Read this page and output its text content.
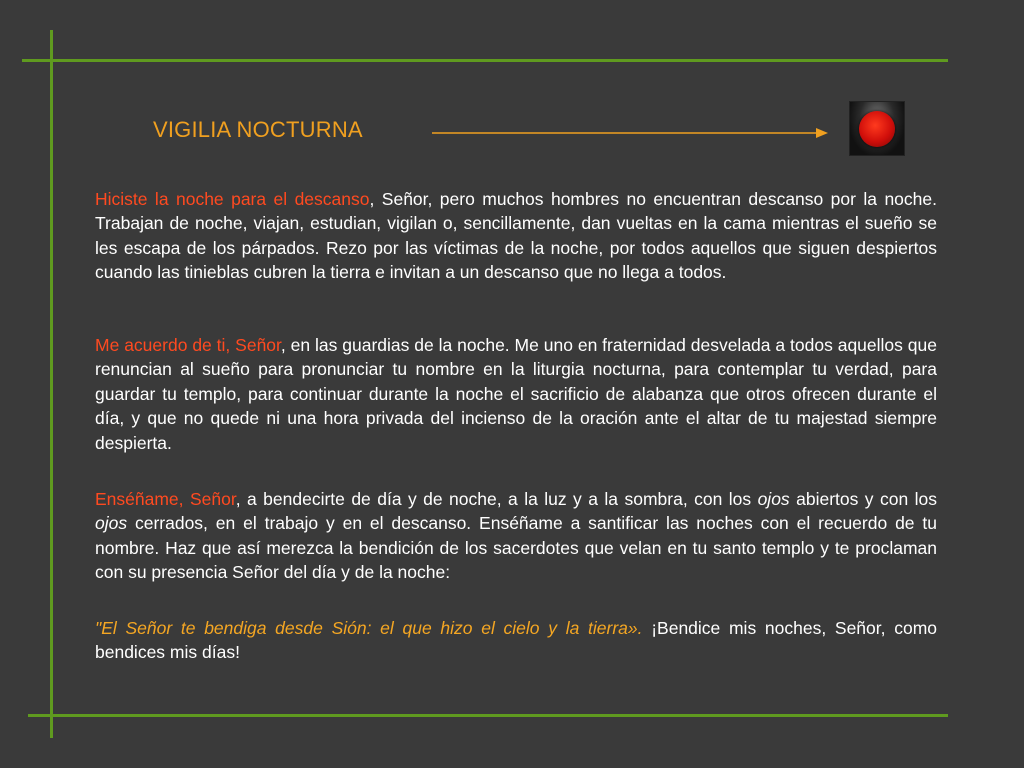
VIGILIA NOCTURNA

Hiciste la noche para el descanso, Señor, pero muchos hombres no encuentran descanso por la noche. Trabajan de noche, viajan, estudian, vigilan o, sencillamente, dan vueltas en la cama mientras el sueño se les escapa de los párpados. Rezo por las víctimas de la noche, por todos aquellos que siguen despiertos cuando las tinieblas cubren la tierra e invitan a un descanso que no llega a todos.

Me acuerdo de ti, Señor, en las guardias de la noche. Me uno en fraternidad desvelada a todos aquellos que renuncian al sueño para pronunciar tu nombre en la liturgia nocturna, para contemplar tu verdad, para guardar tu templo, para continuar durante la noche el sacrificio de alabanza que otros ofrecen durante el día, y que no quede ni una hora privada del incienso de la oración ante el altar de tu majestad siempre despierta.

Enséñame, Señor, a bendecirte de día y de noche, a la luz y a la sombra, con los ojos abiertos y con los ojos cerrados, en el trabajo y en el descanso. Enséñame a santificar las noches con el recuerdo de tu nombre. Haz que así merezca la bendición de los sacerdotes que velan en tu santo templo y te proclaman con su presencia Señor del día y de la noche:

"El Señor te bendiga desde Sión: el que hizo el cielo y la tierra». ¡Bendice mis noches, Señor, como bendices mis días!
